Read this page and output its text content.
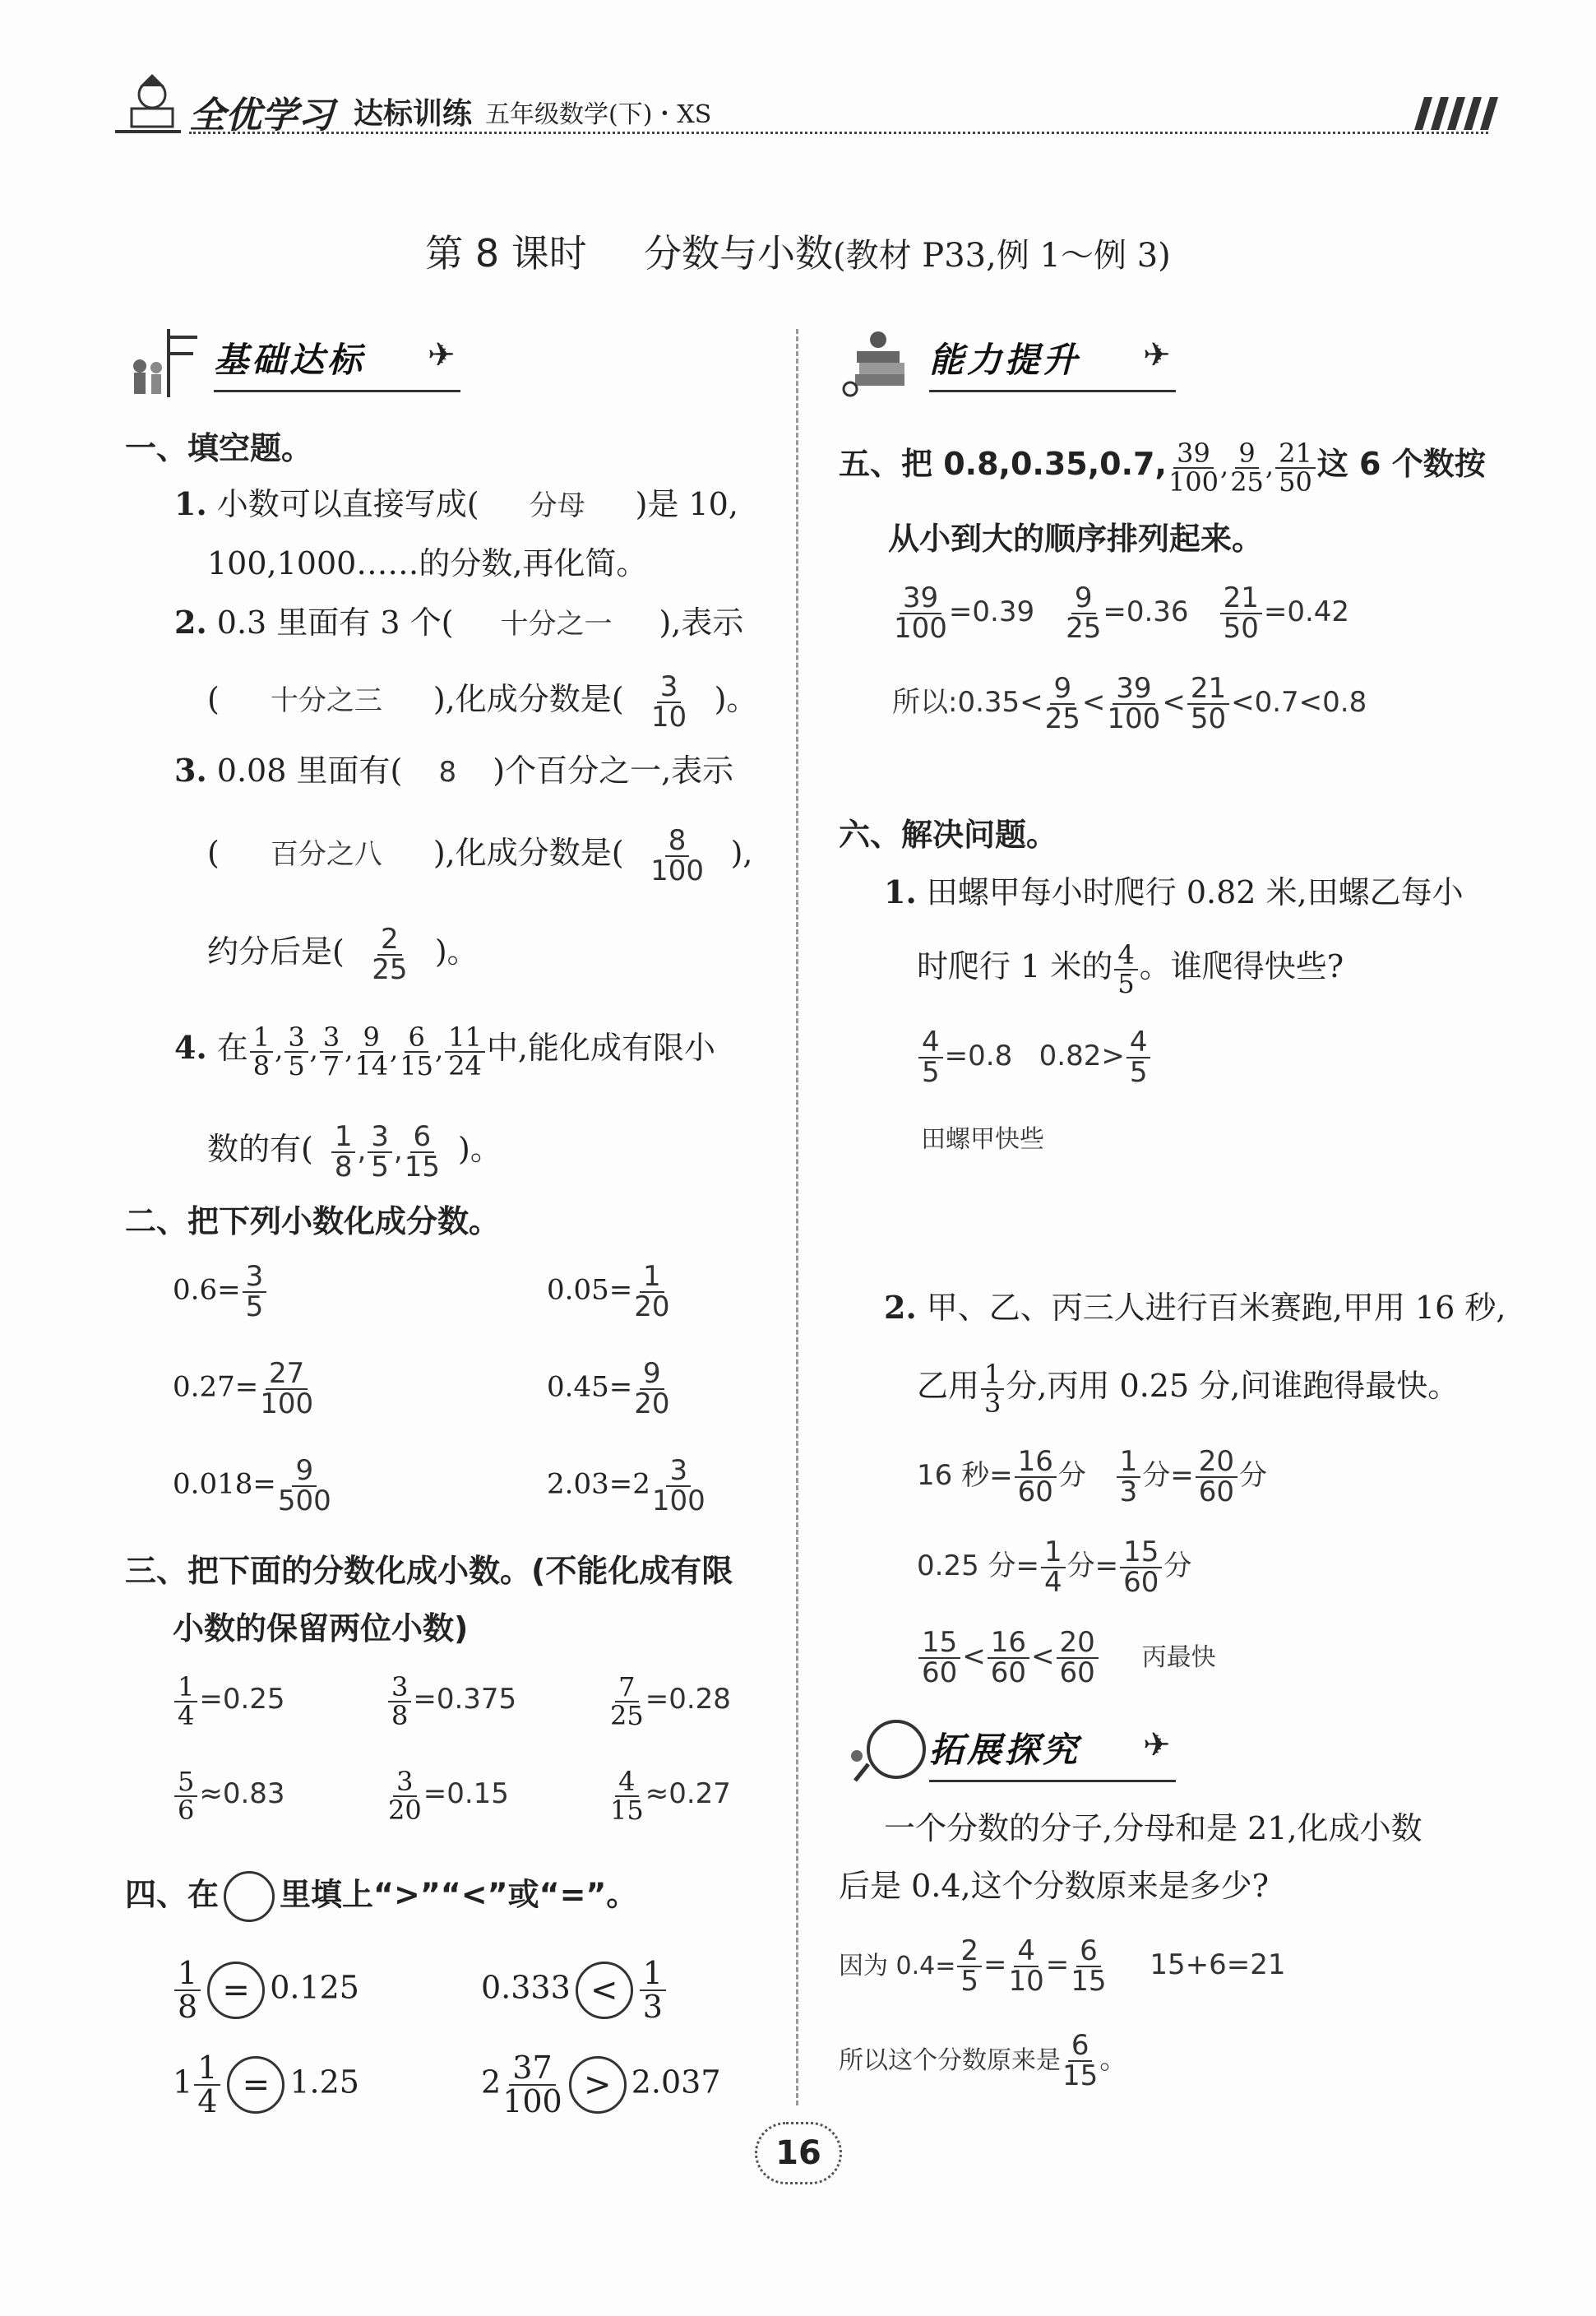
全优学习 达标训练 五年级数学(下)・XS
第 8 课时 分数与小数(教材 P33,例 1～例 3)
基础达标 ✈	能力提升 ✈
一、填空题。
1. 小数可以直接写成( 分母 )是 10,
100,1000……的分数,再化简。
2. 0.3 里面有 3 个( 十分之一 ),表示
( 十分之三 ),化成分数是( $\frac{3}{10}$ )。
3. 0.08 里面有( 8 )个百分之一,表示
( 百分之八 ),化成分数是( $\frac{8}{100}$ ),
约分后是( $\frac{2}{25}$ )。
4. 在 $\frac{1}{8}$ , $\frac{3}{5}$ , $\frac{3}{7}$ , $\frac{9}{14}$ , $\frac{6}{15}$ , $\frac{11}{24}$ 中,能化成有限小
数的有( $\frac{1}{8}$ , $\frac{3}{5}$ , $\frac{6}{15}$ )。
二、把下列小数化成分数。
$0.6= \frac{3}{5}$	$0.05= \frac{1}{20}$
$0.27= \frac{27}{100}$	$0.45= \frac{9}{20}$
$0.018= \frac{9}{500}$	$2.03=2 \frac{3}{100}$
三、把下面的分数化成小数。(不能化成有限
小数的保留两位小数)
$\frac{1}{4} =0.25$	$\frac{3}{8} =0.375$	$\frac{7}{25} =0.28$
$\frac{5}{6} \approx 0.83$	$\frac{3}{20} =0.15$	$\frac{4}{15} \approx 0.27$
四、在 里填上“>”“<”或“=”。
$\frac{1}{8} = 0.125$	$0.333 < \frac{1}{3}$
$1 \frac{1}{4} = 1.25$	$2 \frac{37}{100} > 2.037$
五、把 0.8,0.35,0.7, $\frac{39}{100}$ , $\frac{9}{25}$ , $\frac{21}{50}$ 这 6 个数按
从小到大的顺序排列起来。
$\frac{39}{100} =0.39 \frac{9}{25} =0.36 \frac{21}{50} =0.42$
所以:0.35< $\frac{9}{25} < \frac{39}{100} < \frac{21}{50} <0.7<0.8$
六、解决问题。
1. 田螺甲每小时爬行 0.82 米,田螺乙每小
时爬行 1 米的 $\frac{4}{5}$ 。谁爬得快些?
$\frac{4}{5} =0.8$   $0.82> \frac{4}{5}$
田螺甲快些
2. 甲、乙、丙三人进行百米赛跑,甲用 16 秒,
乙用 $\frac{1}{3}$ 分,丙用 0.25 分,问谁跑得最快。
16 秒= $\frac{16}{60}$ 分 $\frac{1}{3}$ 分= $\frac{20}{60}$ 分
0.25 分= $\frac{1}{4}$ 分= $\frac{15}{60}$ 分
$\frac{15}{60} < \frac{16}{60} < \frac{20}{60}$ 丙最快
拓展探究 ✈
一个分数的分子,分母和是 21,化成小数
后是 0.4,这个分数原来是多少?
因为 $0.4= \frac{2}{5} = \frac{4}{10} = \frac{6}{15} 15+6=21$
所以这个分数原来是 $\frac{6}{15}$ 。
16
